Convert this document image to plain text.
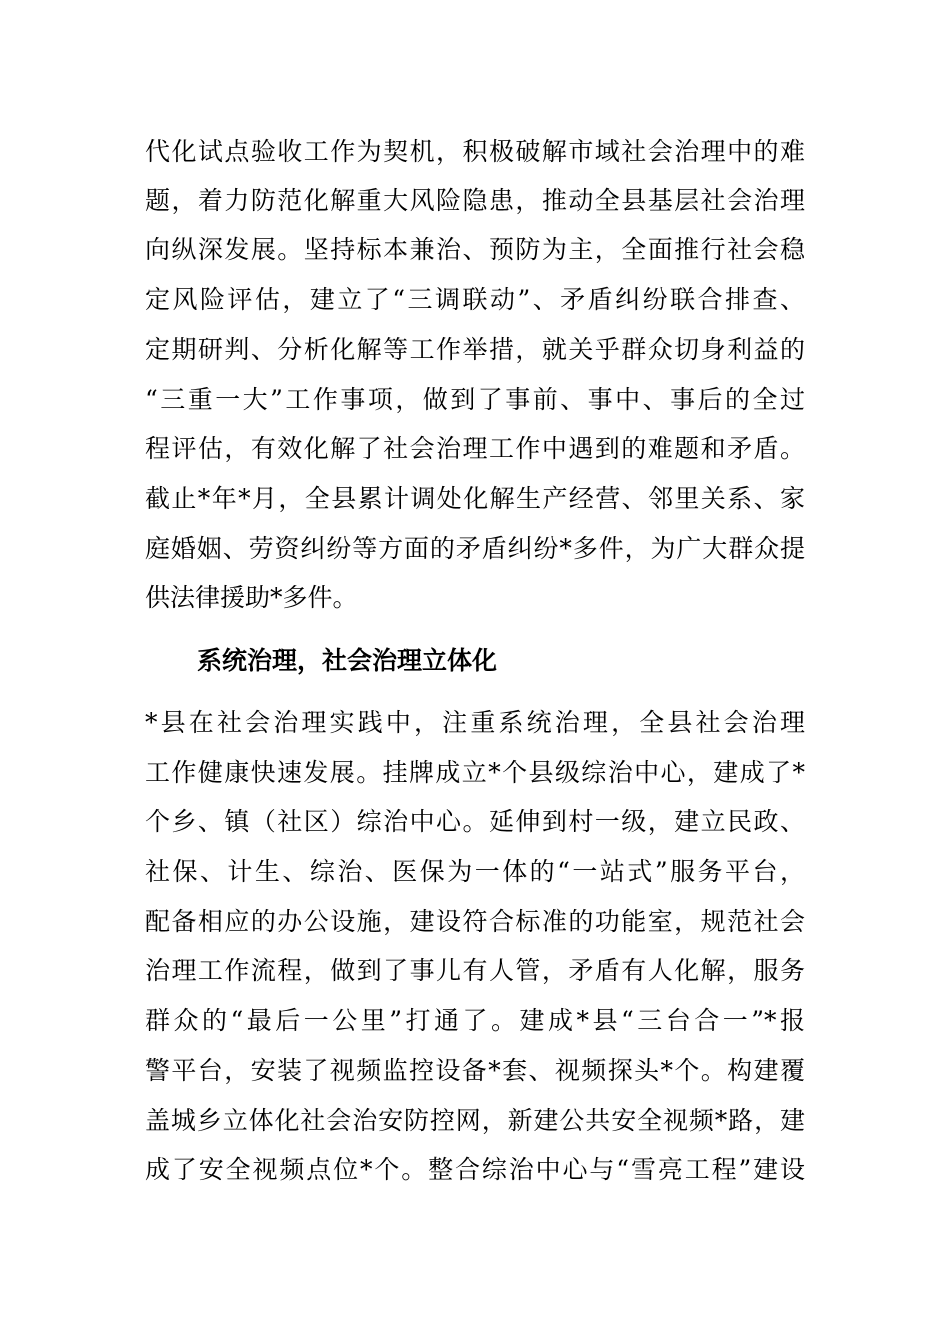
代化试点验收工作为契机，积极破解市域社会治理中的难
题，着力防范化解重大风险隐患，推动全县基层社会治理
向纵深发展。坚持标本兼治、预防为主，全面推行社会稳
定风险评估，建立了“三调联动”、矛盾纠纷联合排查、
定期研判、分析化解等工作举措，就关乎群众切身利益的
“三重一大”工作事项，做到了事前、事中、事后的全过
程评估，有效化解了社会治理工作中遇到的难题和矛盾。
截止*年*月，全县累计调处化解生产经营、邻里关系、家
庭婚姻、劳资纠纷等方面的矛盾纠纷*多件，为广大群众提
供法律援助*多件。
系统治理，社会治理立体化
*县在社会治理实践中，注重系统治理，全县社会治理
工作健康快速发展。挂牌成立*个县级综治中心，建成了*
个乡、镇（社区）综治中心。延伸到村一级，建立民政、
社保、计生、综治、医保为一体的“一站式”服务平台，
配备相应的办公设施，建设符合标准的功能室，规范社会
治理工作流程，做到了事儿有人管，矛盾有人化解，服务
群众的“最后一公里”打通了。建成*县“三台合一”*报
警平台，安装了视频监控设备*套、视频探头*个。构建覆
盖城乡立体化社会治安防控网，新建公共安全视频*路，建
成了安全视频点位*个。整合综治中心与“雪亮工程”建设
